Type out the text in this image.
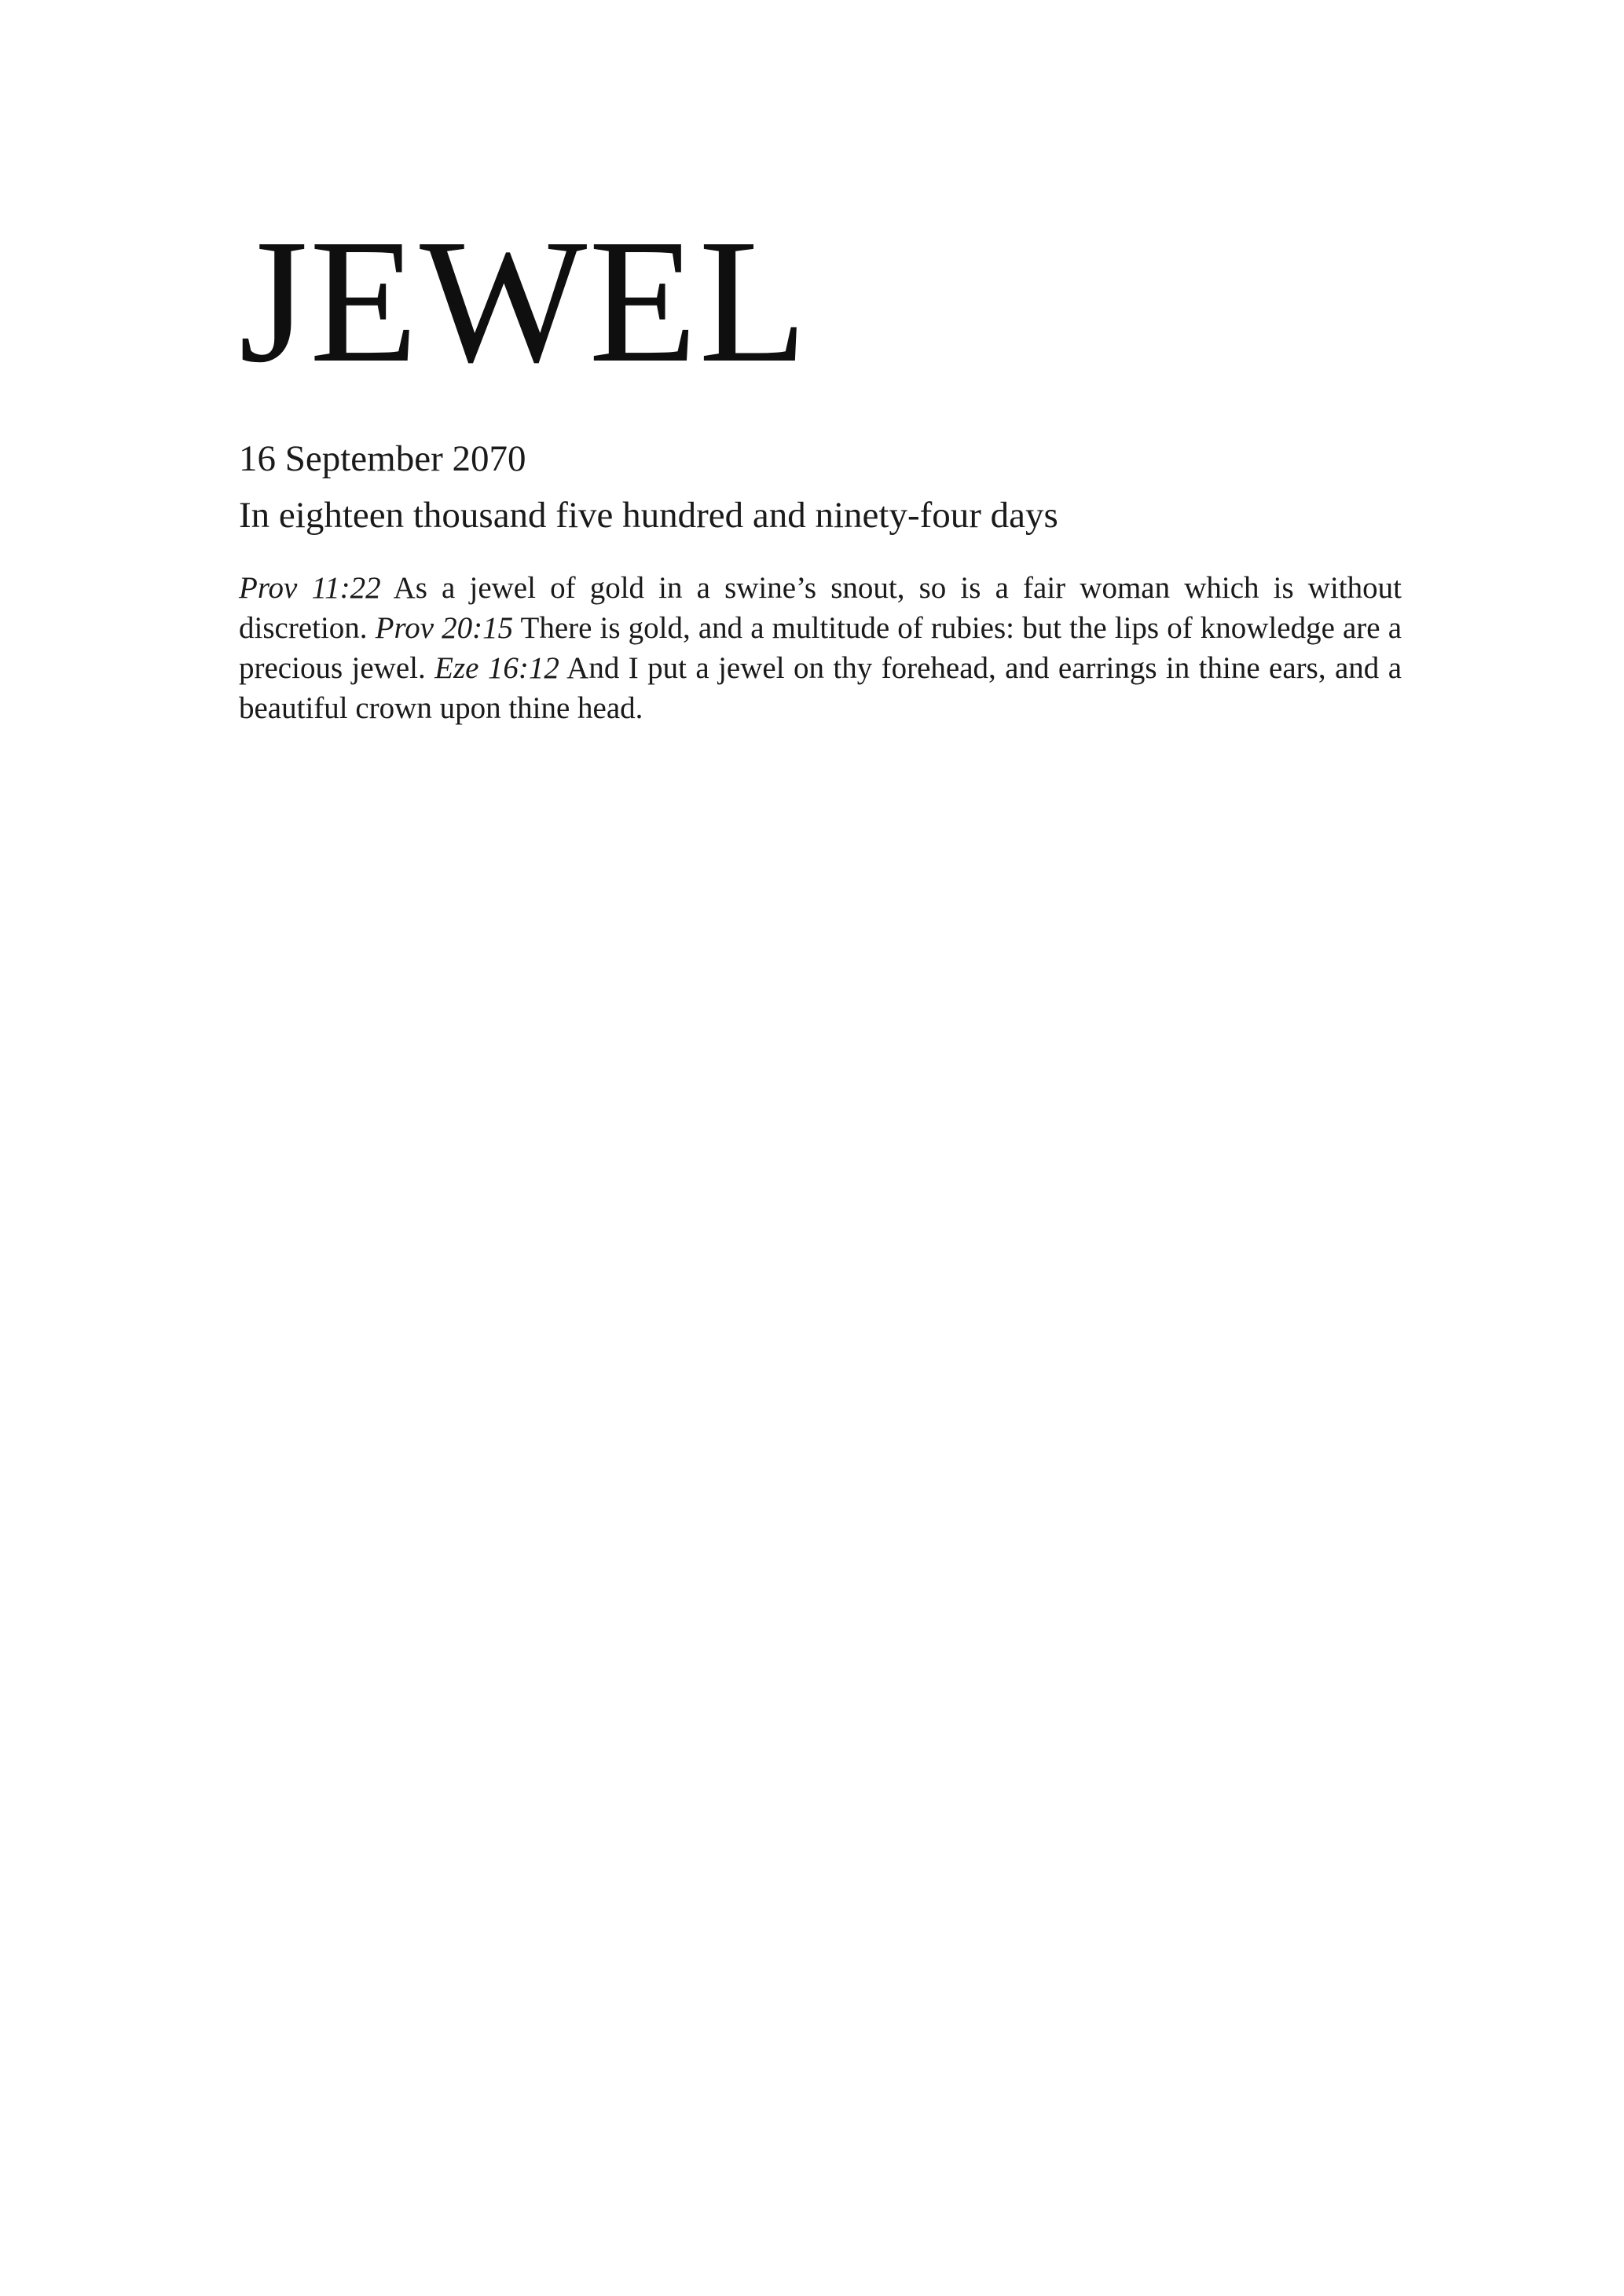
JEWEL
16 September 2070
In eighteen thousand five hundred and ninety-four days

Prov 11:22 As a jewel of gold in a swine’s snout, so is a fair woman which is without discretion. Prov 20:15 There is gold, and a multitude of rubies: but the lips of knowledge are a precious jewel. Eze 16:12 And I put a jewel on thy forehead, and earrings in thine ears, and a beautiful crown upon thine head.
